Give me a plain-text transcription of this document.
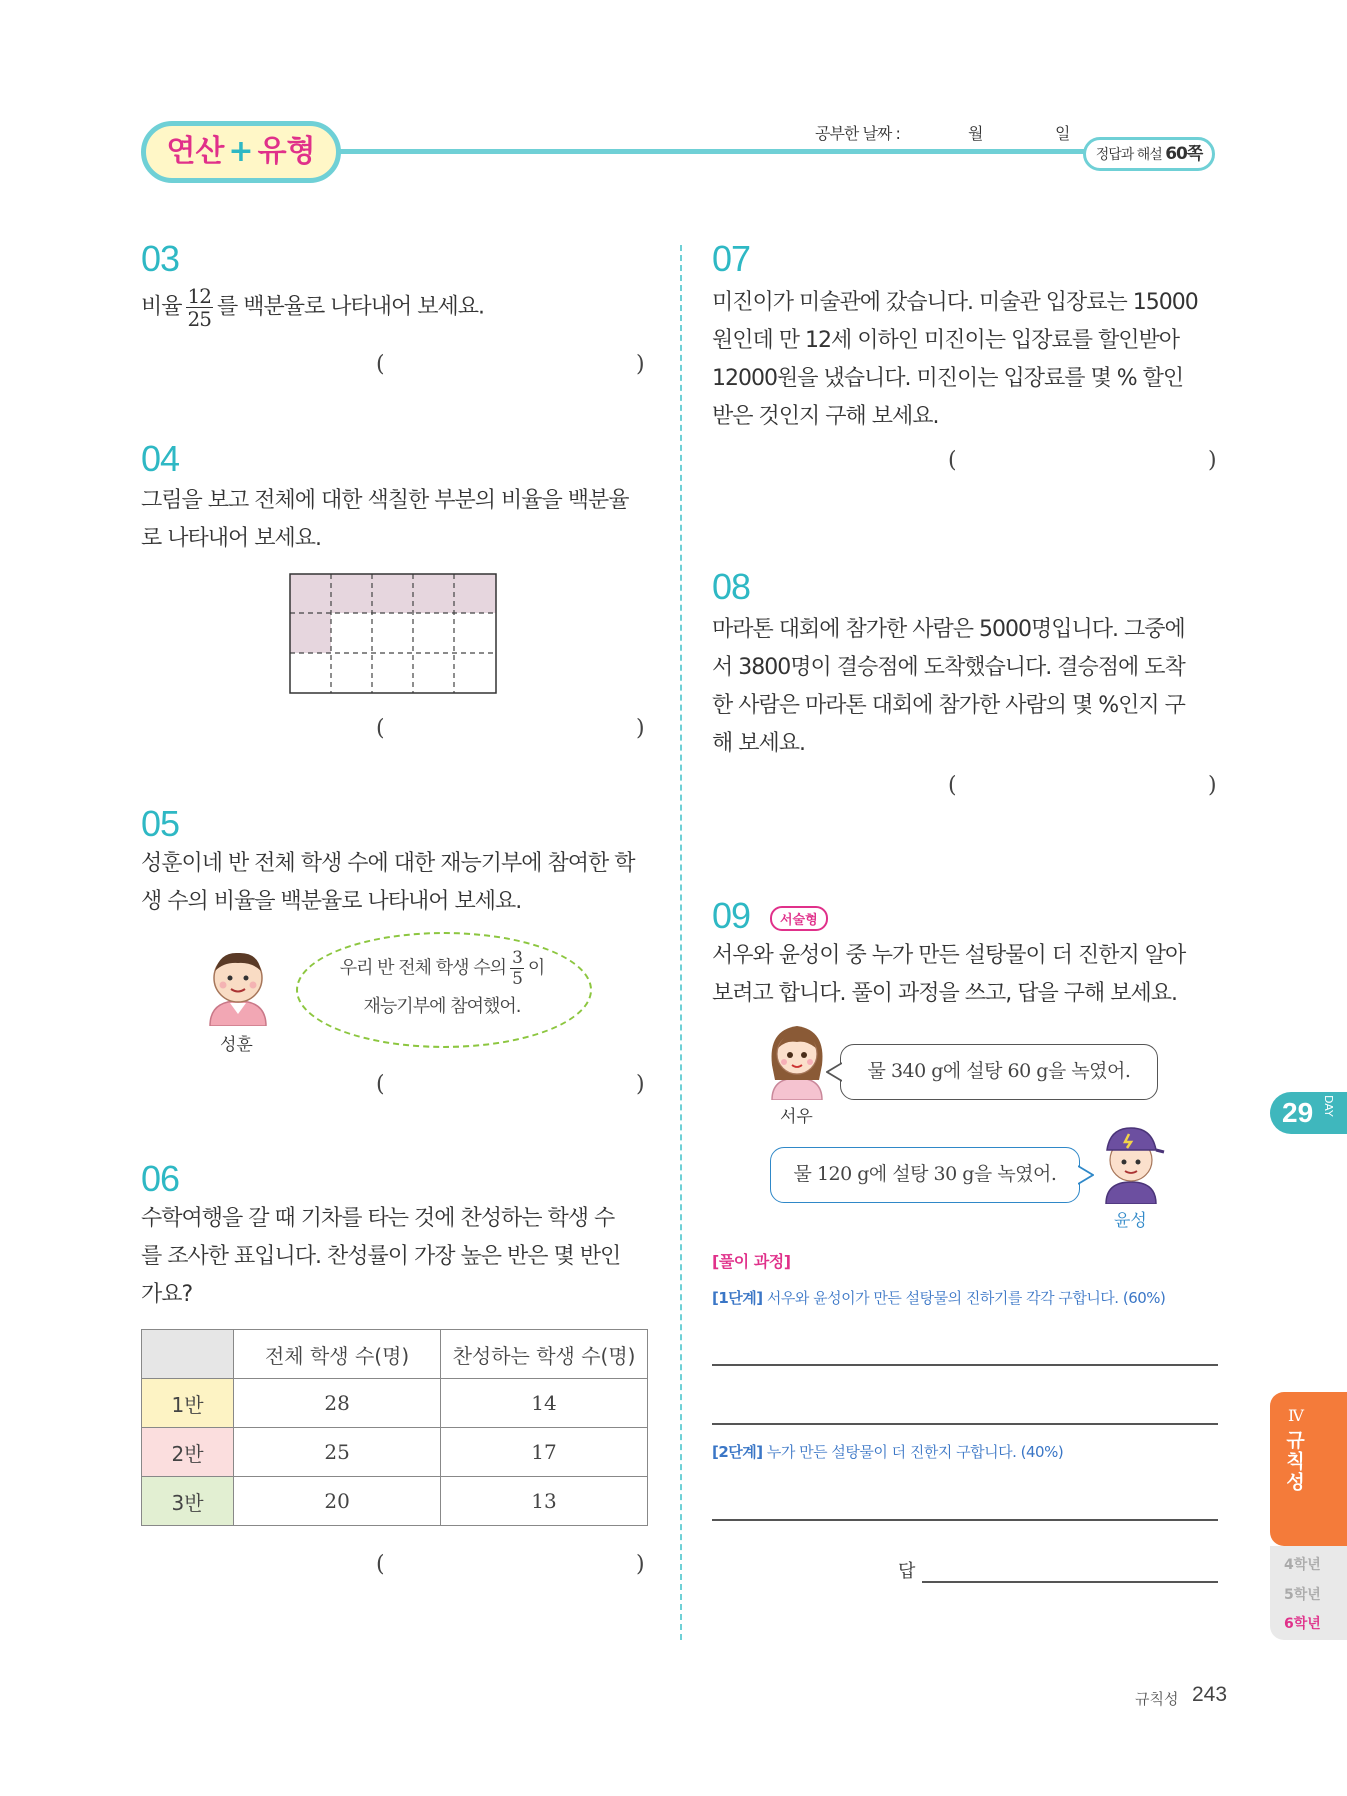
연산 + 유형
공부한 날짜 :	월	일
정답과 해설 60쪽
03
비율 $\frac{12}{25}$ 를 백분율로 나타내어 보세요.
(	)
04
그림을 보고 전체에 대한 색칠한 부분의 비율을 백분율
로 나타내어 보세요.
(	)
05
성훈이네 반 전체 학생 수에 대한 재능기부에 참여한 학
생 수의 비율을 백분율로 나타내어 보세요.
성훈
우리 반 전체 학생 수의 $\frac{3}{5}$ 이
재능기부에 참여했어.
(	)
06
수학여행을 갈 때 기차를 타는 것에 찬성하는 학생 수
를 조사한 표입니다. 찬성률이 가장 높은 반은 몇 반인
가요?
	전체 학생 수(명)	찬성하는 학생 수(명)
1반	28	14
2반	25	17
3반	20	13
(	)
07
미진이가 미술관에 갔습니다. 미술관 입장료는 15000
원인데 만 12세 이하인 미진이는 입장료를 할인받아
12000원을 냈습니다. 미진이는 입장료를 몇 % 할인
받은 것인지 구해 보세요.
(	)
08
마라톤 대회에 참가한 사람은 5000명입니다. 그중에
서 3800명이 결승점에 도착했습니다. 결승점에 도착
한 사람은 마라톤 대회에 참가한 사람의 몇 %인지 구
해 보세요.
(	)
09	서술형
서우와 윤성이 중 누가 만든 설탕물이 더 진한지 알아
보려고 합니다. 풀이 과정을 쓰고, 답을 구해 보세요.
서우
물 340 g에 설탕 60 g을 녹였어.
물 120 g에 설탕 30 g을 녹였어.
윤성
[풀이 과정]
[1단계] 서우와 윤성이가 만든 설탕물의 진하기를 각각 구합니다. (60%)
[2단계] 누가 만든 설탕물이 더 진한지 구합니다. (40%)
답
29 DAY
Ⅳ
규칙성
4학년
5학년
6학년
규칙성 243
